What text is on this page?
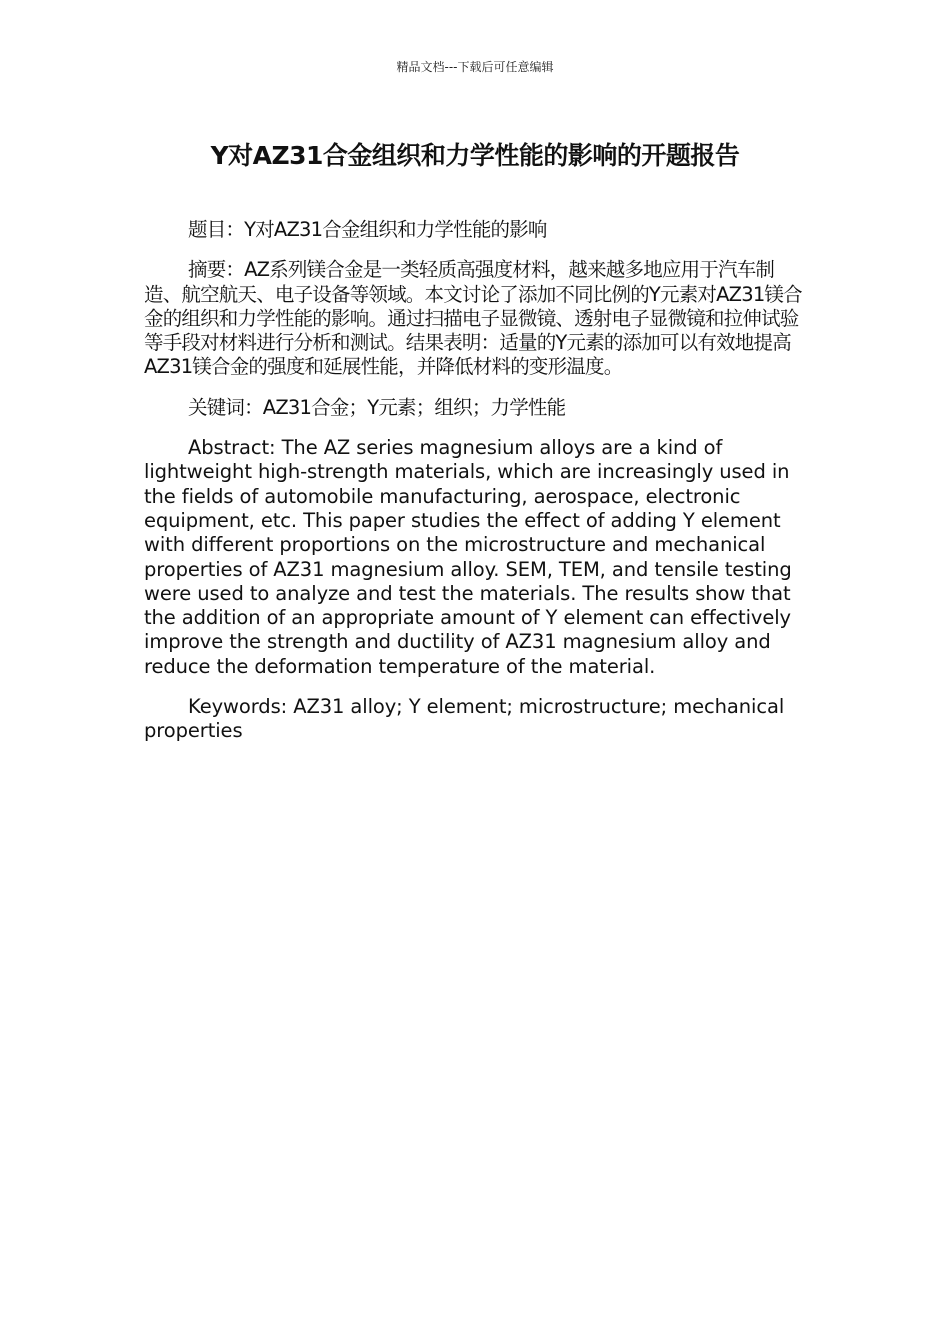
精品文档---下载后可任意编辑
Y对AZ31合金组织和力学性能的影响的开题报告

题目：Y对AZ31合金组织和力学性能的影响

摘要：AZ系列镁合金是一类轻质高强度材料，越来越多地应用于汽车制造、航空航天、电子设备等领域。本文讨论了添加不同比例的Y元素对AZ31镁合金的组织和力学性能的影响。通过扫描电子显微镜、透射电子显微镜和拉伸试验等手段对材料进行分析和测试。结果表明：适量的Y元素的添加可以有效地提高AZ31镁合金的强度和延展性能，并降低材料的变形温度。

关键词：AZ31合金；Y元素；组织；力学性能

Abstract: The AZ series magnesium alloys are a kind of lightweight high-strength materials, which are increasingly used in the fields of automobile manufacturing, aerospace, electronic equipment, etc. This paper studies the effect of adding Y element with different proportions on the microstructure and mechanical properties of AZ31 magnesium alloy. SEM, TEM, and tensile testing were used to analyze and test the materials. The results show that the addition of an appropriate amount of Y element can effectively improve the strength and ductility of AZ31 magnesium alloy and reduce the deformation temperature of the material.

Keywords: AZ31 alloy; Y element; microstructure; mechanical properties
